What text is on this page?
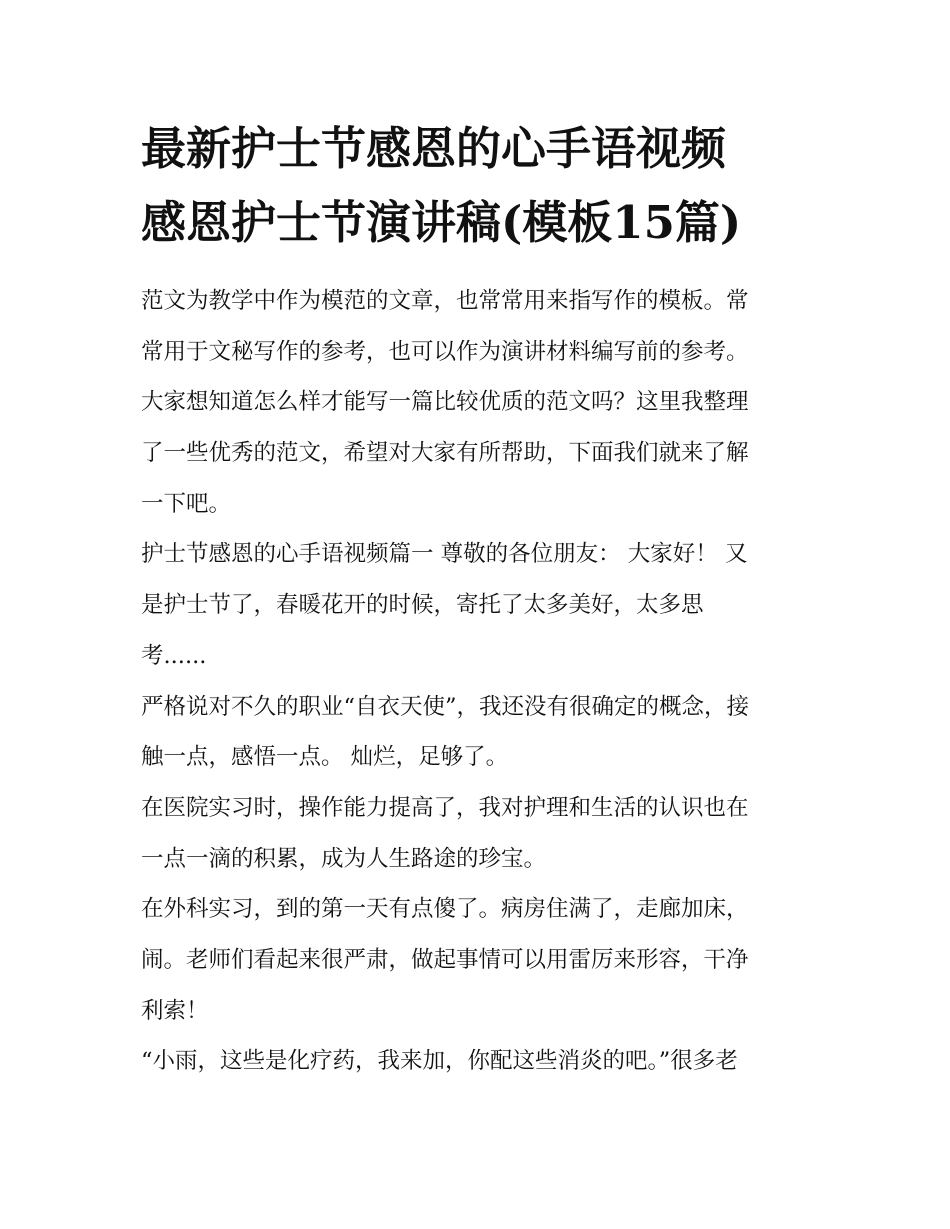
最新护士节感恩的心手语视频
感恩护士节演讲稿(模板15篇)
范文为教学中作为模范的文章，也常常用来指写作的模板。常
常用于文秘写作的参考，也可以作为演讲材料编写前的参考。
大家想知道怎么样才能写一篇比较优质的范文吗？这里我整理
了一些优秀的范文，希望对大家有所帮助，下面我们就来了解
一下吧。
护士节感恩的心手语视频篇一 尊敬的各位朋友： 大家好！ 又
是护士节了，春暖花开的时候，寄托了太多美好，太多思
考......
严格说对不久的职业“自衣天使”，我还没有很确定的概念，接
触一点，感悟一点。 灿烂，足够了。
在医院实习时，操作能力提高了，我对护理和生活的认识也在
一点一滴的积累，成为人生路途的珍宝。
在外科实习，到的第一天有点傻了。病房住满了，走廊加床，
闹。老师们看起来很严肃，做起事情可以用雷厉来形容，干净
利索！
“小雨，这些是化疗药，我来加，你配这些消炎的吧。”很多老
